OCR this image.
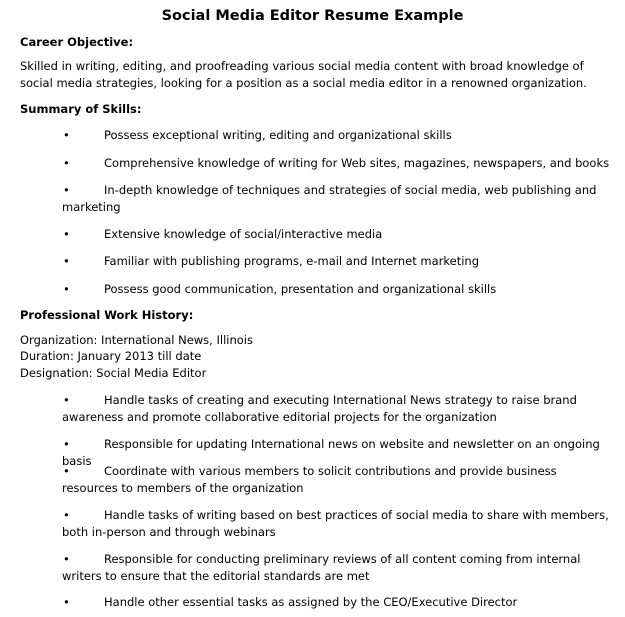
Social Media Editor Resume Example
Career Objective:
Skilled in writing, editing, and proofreading various social media content with broad knowledge of social media strategies, looking for a position as a social media editor in a renowned organization.
Summary of Skills:
•	Possess exceptional writing, editing and organizational skills
•	Comprehensive knowledge of writing for Web sites, magazines, newspapers, and books
•	In-depth knowledge of techniques and strategies of social media, web publishing and marketing
•	Extensive knowledge of social/interactive media
•	Familiar with publishing programs, e-mail and Internet marketing
•	Possess good communication, presentation and organizational skills
Professional Work History:
Organization: International News, Illinois
Duration: January 2013 till date
Designation: Social Media Editor
•	Handle tasks of creating and executing International News strategy to raise brand awareness and promote collaborative editorial projects for the organization
•	Responsible for updating International news on website and newsletter on an ongoing basis
•	Coordinate with various members to solicit contributions and provide business resources to members of the organization
•	Handle tasks of writing based on best practices of social media to share with members, both in-person and through webinars
•	Responsible for conducting preliminary reviews of all content coming from internal writers to ensure that the editorial standards are met
•	Handle other essential tasks as assigned by the CEO/Executive Director
